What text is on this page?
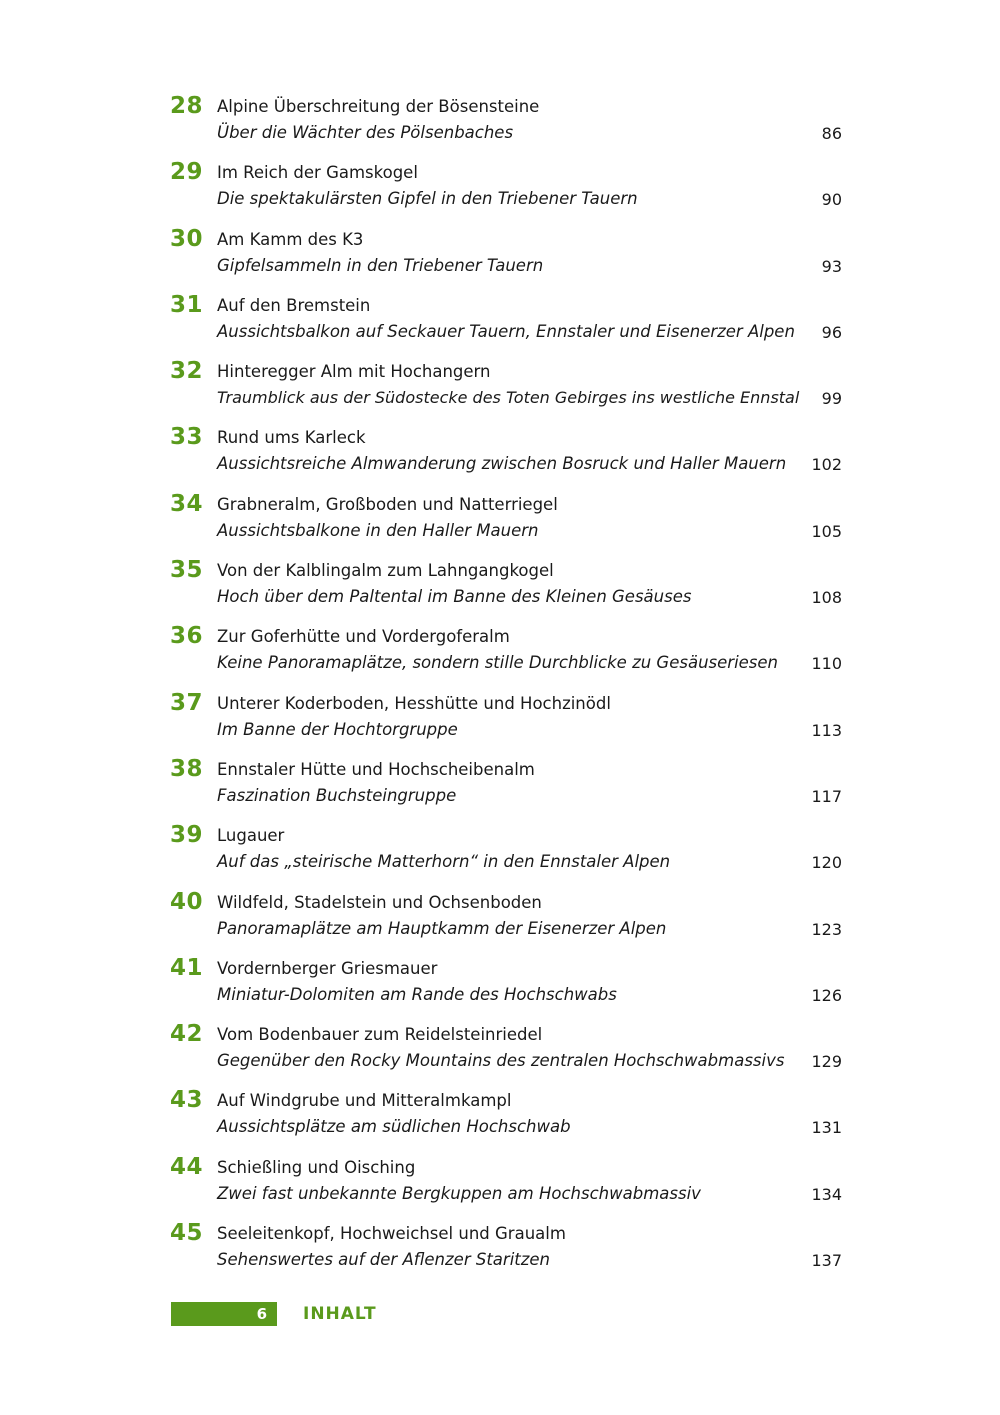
28 Alpine Überschreitung der Bösensteine
Über die Wächter des Pölsenbaches	86
29 Im Reich der Gamskogel
Die spektakulärsten Gipfel in den Triebener Tauern	90
30 Am Kamm des K3
Gipfelsammeln in den Triebener Tauern	93
31 Auf den Bremstein
Aussichtsbalkon auf Seckauer Tauern, Ennstaler und Eisenerzer Alpen 96
32 Hinteregger Alm mit Hochangern
Traumblick aus der Südostecke des Toten Gebirges ins westliche Ennstal 99
33 Rund ums Karleck
Aussichtsreiche Almwanderung zwischen Bosruck und Haller Mauern 102
34 Grabneralm, Großboden und Natterriegel
Aussichtsbalkone in den Haller Mauern	105
35 Von der Kalblingalm zum Lahngangkogel
Hoch über dem Paltental im Banne des Kleinen Gesäuses	108
36 Zur Goferhütte und Vordergoferalm
Keine Panoramaplätze, sondern stille Durchblicke zu Gesäuseriesen 110
37 Unterer Koderboden, Hesshütte und Hochzinödl
Im Banne der Hochtorgruppe	113
38 Ennstaler Hütte und Hochscheibenalm
Faszination Buchsteingruppe	117
39 Lugauer
Auf das „steirische Matterhorn“ in den Ennstaler Alpen	120
40 Wildfeld, Stadelstein und Ochsenboden
Panoramaplätze am Hauptkamm der Eisenerzer Alpen	123
41 Vordernberger Griesmauer
Miniatur-Dolomiten am Rande des Hochschwabs	126
42 Vom Bodenbauer zum Reidelsteinriedel
Gegenüber den Rocky Mountains des zentralen Hochschwabmassivs 129
43 Auf Windgrube und Mitteralmkampl
Aussichtsplätze am südlichen Hochschwab	131
44 Schießling und Oisching
Zwei fast unbekannte Bergkuppen am Hochschwabmassiv	134
45 Seeleitenkopf, Hochweichsel und Graualm
Sehenswertes auf der Aflenzer Staritzen	137
6 INHALT
